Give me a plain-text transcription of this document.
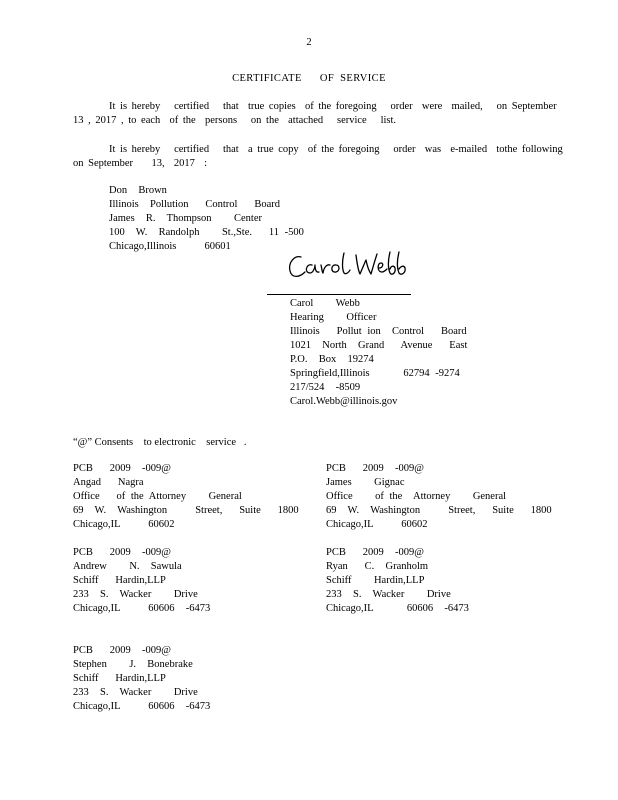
2
CERTIFICATE      OF  SERVICE
It is hereby   certified   that  true copies  of the foregoing   order  were  mailed,   on September
13 , 2017 , to each  of the  persons   on the  attached   service   list.
It is hereby   certified   that  a true copy  of the foregoing   order  was  e-mailed  tothe following
on September    13,  2017  :
Don  Brown
Illinois  Pollution   Control   Board
James  R.  Thompson    Center
100  W.  Randolph    St.,Ste.   11 -500
Chicago,Illinois     60601
Carol    Webb
Hearing    Officer
Illinois   Pollut ion  Control   Board
1021  North  Grand   Avenue   East
P.O.  Box  19274
Springfield,Illinois      62794 -9274
217/524  -8509
Carol.Webb@illinois.gov
“@” Consents    to electronic    service   .
PCB   2009  -009@
Angad   Nagra
Office   of the Attorney    General
69  W.  Washington     Street,   Suite   1800
Chicago,IL     60602
PCB   2009  -009@
James    Gignac
Office    of the  Attorney    General
69  W.  Washington     Street,   Suite   1800
Chicago,IL     60602
PCB   2009  -009@
Andrew    N.  Sawula
Schiff   Hardin,LLP
233  S.  Wacker    Drive
Chicago,IL     60606  -6473
PCB   2009  -009@
Ryan   C.  Granholm
Schiff    Hardin,LLP
233  S.  Wacker    Drive
Chicago,IL      60606  -6473
PCB   2009  -009@
Stephen    J.  Bonebrake
Schiff   Hardin,LLP
233  S.  Wacker    Drive
Chicago,IL     60606  -6473
